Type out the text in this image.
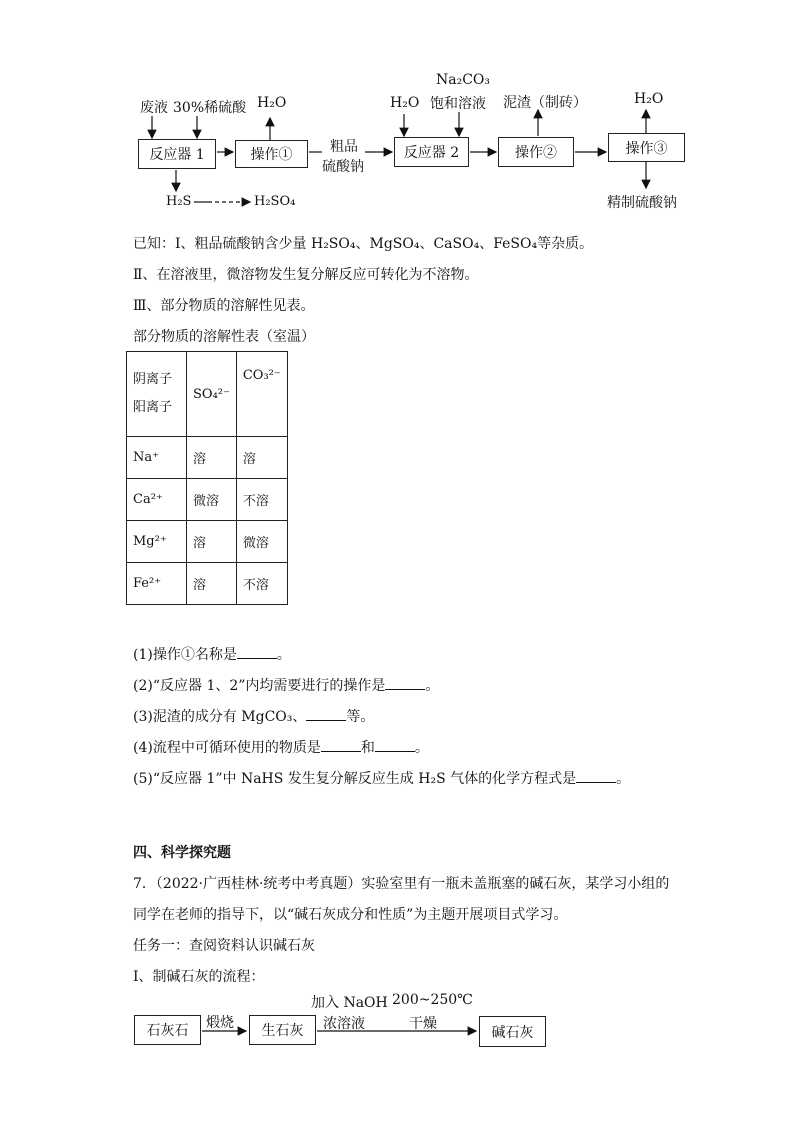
废液 30%稀硫酸
反应器 1
H₂O
操作①	粗品
硫酸钠
H₂O
Na₂CO₃
饱和溶液
反应器 2
泥渣（制砖）
操作②
H₂O
操作③
精制硫酸钠
H₂S	H₂SO₄
已知：Ⅰ、粗品硫酸钠含少量 H₂SO₄、MgSO₄、CaSO₄、FeSO₄等杂质。
Ⅱ、在溶液里，微溶物发生复分解反应可转化为不溶物。
Ⅲ、部分物质的溶解性见表。
部分物质的溶解性表（室温）
阴离子
阳离子	SO₄²⁻	CO₃²⁻
Na⁺	溶	溶
Ca²⁺	微溶	不溶
Mg²⁺	溶	微溶
Fe²⁺	溶	不溶
(1)操作①名称是	。
(2)“反应器 1、2”内均需要进行的操作是	。
(3)泥渣的成分有 MgCO₃、	等。
(4)流程中可循环使用的物质是	和	。
(5)“反应器 1”中 NaHS 发生复分解反应生成 H₂S 气体的化学方程式是	。
四、科学探究题
7．（2022·广西桂林·统考中考真题）实验室里有一瓶未盖瓶塞的碱石灰，某学习小组的
同学在老师的指导下，以“碱石灰成分和性质”为主题开展项目式学习。
任务一：查阅资料认识碱石灰
Ⅰ、制碱石灰的流程：
石灰石	煅烧	生石灰
加入 NaOH
浓溶液
200~250℃
干燥
碱石灰
